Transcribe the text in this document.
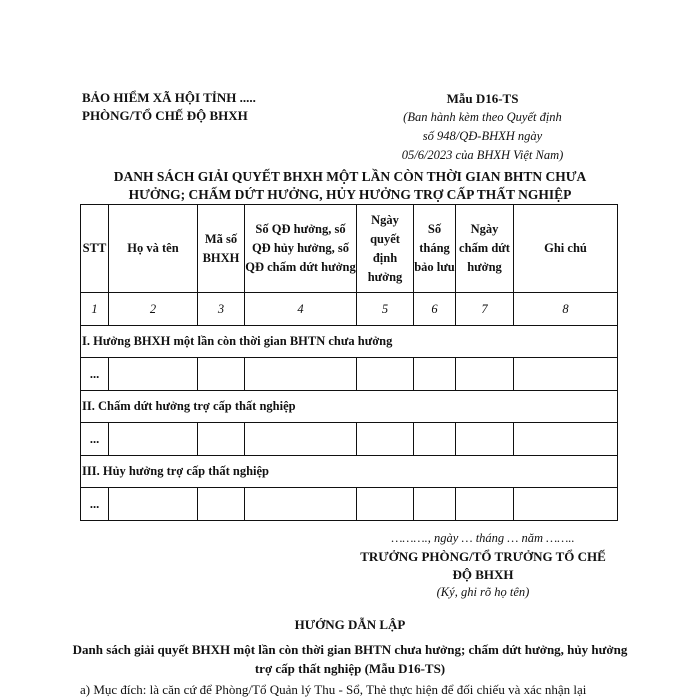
BẢO HIỂM XÃ HỘI TỈNH .....
PHÒNG/TỔ CHẾ ĐỘ BHXH
Mẫu D16-TS
(Ban hành kèm theo Quyết định số 948/QĐ-BHXH ngày 05/6/2023 của BHXH Việt Nam)
DANH SÁCH GIẢI QUYẾT BHXH MỘT LẦN CÒN THỜI GIAN BHTN CHƯA
HƯỞNG; CHẤM DỨT HƯỞNG, HỦY HƯỞNG TRỢ CẤP THẤT NGHIỆP
STT	Họ và tên	Mã số BHXH	Số QĐ hưởng, số QĐ hủy hưởng, số QĐ chấm dứt hưởng	Ngày quyết định hưởng	Số tháng bảo lưu	Ngày chấm dứt hưởng	Ghi chú
1	2	3	4	5	6	7	8
I. Hưởng BHXH một lần còn thời gian BHTN chưa hưởng							
...							
II. Chấm dứt hưởng trợ cấp thất nghiệp							
...							
III. Hủy hưởng trợ cấp thất nghiệp							
...							
………., ngày … tháng … năm ……..
TRƯỞNG PHÒNG/TỔ TRƯỞNG TỔ CHẾ ĐỘ BHXH
(Ký, ghi rõ họ tên)
HƯỚNG DẪN LẬP
Danh sách giải quyết BHXH một lần còn thời gian BHTN chưa hưởng; chấm dứt hưởng, hủy hưởng trợ cấp thất nghiệp (Mẫu D16-TS)
a) Mục đích: là căn cứ để Phòng/Tổ Quản lý Thu - Sổ, Thẻ thực hiện để đối chiếu và xác nhận lại
